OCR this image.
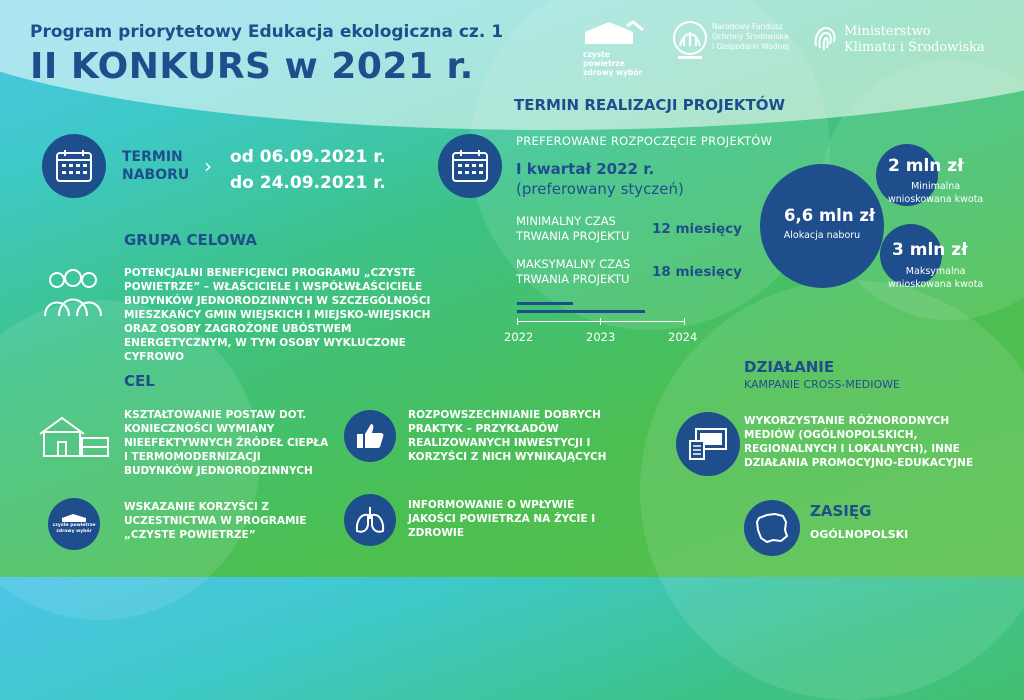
Program priorytetowy Edukacja ekologiczna cz. 1
II KONKURS w 2021 r.	czyste powietrze
zdrowy wybór
Narodowy Fundusz
Ochrony Środowiska
i Gospodarki Wodnej
Ministerstwo
Klimatu i Środowiska
TERMIN
NABORU › od 06.09.2021 r.
do 24.09.2021 r.
GRUPA CELOWA
POTENCJALNI BENEFICJENCI PROGRAMU „CZYSTE POWIETRZE” – WŁAŚCICIELE I WSPÓŁWŁAŚCICIELE BUDYNKÓW JEDNORODZINNYCH W SZCZEGÓLNOŚCI MIESZKAŃCY GMIN WIEJSKICH I MIEJSKO-WIEJSKICH ORAZ OSOBY ZAGROŻONE UBÓSTWEM ENERGETYCZNYM, W TYM OSOBY WYKLUCZONE CYFROWO
CEL
KSZTAŁTOWANIE POSTAW DOT. KONIECZNOŚCI WYMIANY NIEEFEKTYWNYCH ŹRÓDEŁ CIEPŁA I TERMOMODERNIZACJI BUDYNKÓW JEDNORODZINNYCH
ROZPOWSZECHNIANIE DOBRYCH PRAKTYK – PRZYKŁADÓW REALIZOWANYCH INWESTYCJI I KORZYŚCI Z NICH WYNIKAJĄCYCH
czyste powietrze
zdrowy wybór
WSKAZANIE KORZYŚCI Z UCZESTNICTWA W PROGRAMIE „CZYSTE POWIETRZE”
INFORMOWANIE O WPŁYWIE JAKOŚCI POWIETRZA NA ŻYCIE I ZDROWIE
TERMIN REALIZACJI PROJEKTÓW
PREFEROWANE ROZPOCZĘCIE PROJEKTÓW
I kwartał 2022 r.
(preferowany styczeń)
MINIMALNY CZAS
TRWANIA PROJEKTU 12 miesięcy
MAKSYMALNY CZAS
TRWANIA PROJEKTU 18 miesięcy
2022	2023	2024
6,6 mln zł
Alokacja naboru
2 mln zł
Minimalna
wnioskowana kwota
3 mln zł
Maksymalna
wnioskowana kwota
DZIAŁANIE
KAMPANIE CROSS-MEDIOWE
WYKORZYSTANIE RÓŻNORODNYCH MEDIÓW (OGÓLNOPOLSKICH, REGIONALNYCH I LOKALNYCH), INNE DZIAŁANIA PROMOCYJNO-EDUKACYJNE
ZASIĘG
OGÓLNOPOLSKI
